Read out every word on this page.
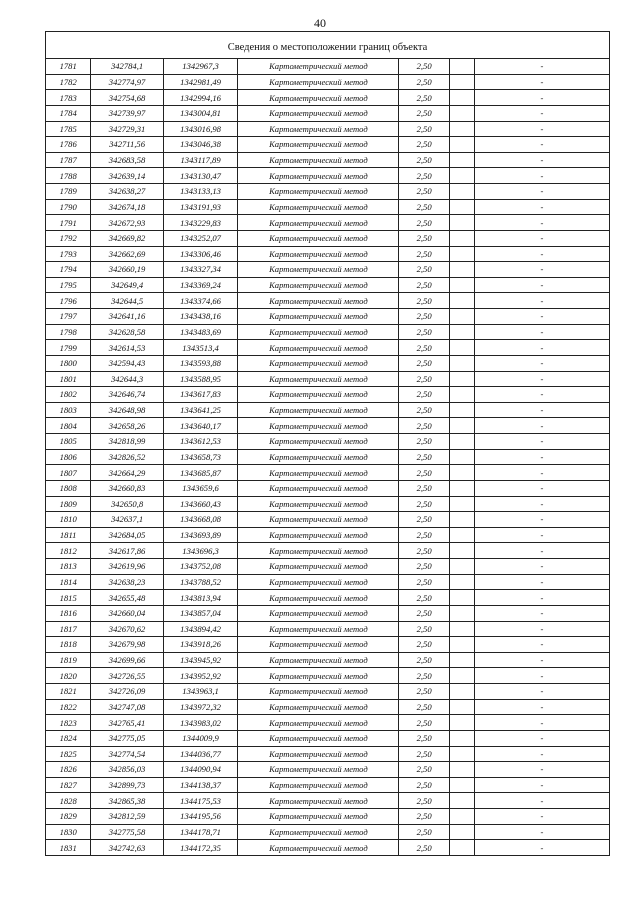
40

Сведения о местоположении границ объекта						
1781	342784,1	1342967,3	Картометрический метод	2,50		-
1782	342774,97	1342981,49	Картометрический метод	2,50		-
1783	342754,68	1342994,16	Картометрический метод	2,50		-
1784	342739,97	1343004,81	Картометрический метод	2,50		-
1785	342729,31	1343016,98	Картометрический метод	2,50		-
1786	342711,56	1343046,38	Картометрический метод	2,50		-
1787	342683,58	1343117,89	Картометрический метод	2,50		-
1788	342639,14	1343130,47	Картометрический метод	2,50		-
1789	342638,27	1343133,13	Картометрический метод	2,50		-
1790	342674,18	1343191,93	Картометрический метод	2,50		-
1791	342672,93	1343229,83	Картометрический метод	2,50		-
1792	342669,82	1343252,07	Картометрический метод	2,50		-
1793	342662,69	1343306,46	Картометрический метод	2,50		-
1794	342660,19	1343327,34	Картометрический метод	2,50		-
1795	342649,4	1343369,24	Картометрический метод	2,50		-
1796	342644,5	1343374,66	Картометрический метод	2,50		-
1797	342641,16	1343438,16	Картометрический метод	2,50		-
1798	342628,58	1343483,69	Картометрический метод	2,50		-
1799	342614,53	1343513,4	Картометрический метод	2,50		-
1800	342594,43	1343593,88	Картометрический метод	2,50		-
1801	342644,3	1343588,95	Картометрический метод	2,50		-
1802	342646,74	1343617,83	Картометрический метод	2,50		-
1803	342648,98	1343641,25	Картометрический метод	2,50		-
1804	342658,26	1343640,17	Картометрический метод	2,50		-
1805	342818,99	1343612,53	Картометрический метод	2,50		-
1806	342826,52	1343658,73	Картометрический метод	2,50		-
1807	342664,29	1343685,87	Картометрический метод	2,50		-
1808	342660,83	1343659,6	Картометрический метод	2,50		-
1809	342650,8	1343660,43	Картометрический метод	2,50		-
1810	342637,1	1343668,08	Картометрический метод	2,50		-
1811	342684,05	1343693,89	Картометрический метод	2,50		-
1812	342617,86	1343696,3	Картометрический метод	2,50		-
1813	342619,96	1343752,08	Картометрический метод	2,50		-
1814	342638,23	1343788,52	Картометрический метод	2,50		-
1815	342655,48	1343813,94	Картометрический метод	2,50		-
1816	342660,04	1343857,04	Картометрический метод	2,50		-
1817	342670,62	1343894,42	Картометрический метод	2,50		-
1818	342679,98	1343918,26	Картометрический метод	2,50		-
1819	342699,66	1343945,92	Картометрический метод	2,50		-
1820	342726,55	1343952,92	Картометрический метод	2,50		-
1821	342726,09	1343963,1	Картометрический метод	2,50		-
1822	342747,08	1343972,32	Картометрический метод	2,50		-
1823	342765,41	1343983,02	Картометрический метод	2,50		-
1824	342775,05	1344009,9	Картометрический метод	2,50		-
1825	342774,54	1344036,77	Картометрический метод	2,50		-
1826	342856,03	1344090,94	Картометрический метод	2,50		-
1827	342899,73	1344138,37	Картометрический метод	2,50		-
1828	342865,38	1344175,53	Картометрический метод	2,50		-
1829	342812,59	1344195,56	Картометрический метод	2,50		-
1830	342775,58	1344178,71	Картометрический метод	2,50		-
1831	342742,63	1344172,35	Картометрический метод	2,50		-
